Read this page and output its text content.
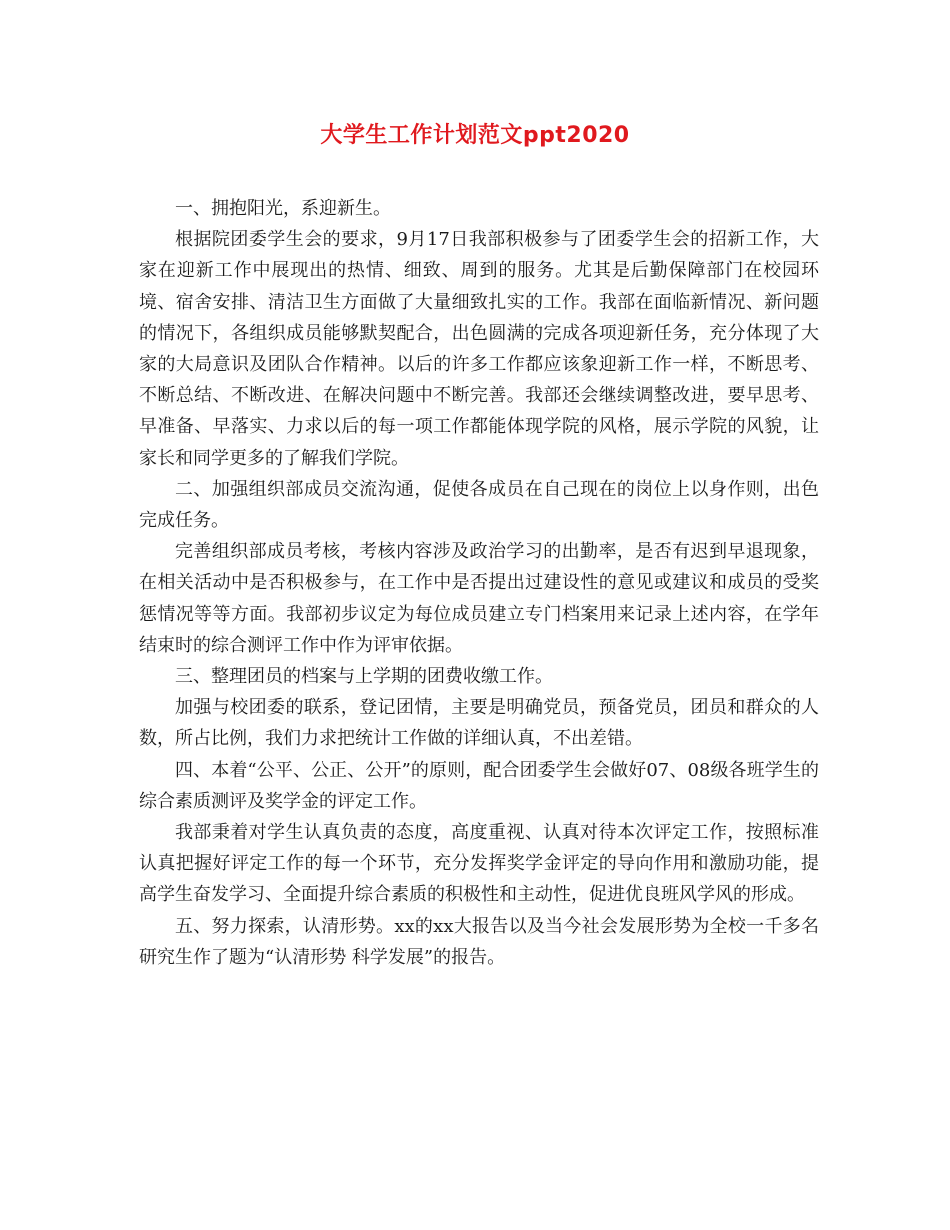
大学生工作计划范文ppt2020

一、拥抱阳光，系迎新生。

根据院团委学生会的要求，9月17日我部积极参与了团委学生会的招新工作，大家在迎新工作中展现出的热情、细致、周到的服务。尤其是后勤保障部门在校园环境、宿舍安排、清洁卫生方面做了大量细致扎实的工作。我部在面临新情况、新问题的情况下，各组织成员能够默契配合，出色圆满的完成各项迎新任务，充分体现了大家的大局意识及团队合作精神。以后的许多工作都应该象迎新工作一样，不断思考、不断总结、不断改进、在解决问题中不断完善。我部还会继续调整改进，要早思考、早准备、早落实、力求以后的每一项工作都能体现学院的风格，展示学院的风貌，让家长和同学更多的了解我们学院。

二、加强组织部成员交流沟通，促使各成员在自己现在的岗位上以身作则，出色完成任务。

完善组织部成员考核，考核内容涉及政治学习的出勤率，是否有迟到早退现象，在相关活动中是否积极参与，在工作中是否提出过建设性的意见或建议和成员的受奖惩情况等等方面。我部初步议定为每位成员建立专门档案用来记录上述内容，在学年结束时的综合测评工作中作为评审依据。

三、整理团员的档案与上学期的团费收缴工作。

加强与校团委的联系，登记团情，主要是明确党员，预备党员，团员和群众的人数，所占比例，我们力求把统计工作做的详细认真，不出差错。

四、本着“公平、公正、公开”的原则，配合团委学生会做好07、08级各班学生的综合素质测评及奖学金的评定工作。

我部秉着对学生认真负责的态度，高度重视、认真对待本次评定工作，按照标准认真把握好评定工作的每一个环节，充分发挥奖学金评定的导向作用和激励功能，提高学生奋发学习、全面提升综合素质的积极性和主动性，促进优良班风学风的形成。

五、努力探索，认清形势。xx的xx大报告以及当今社会发展形势为全校一千多名研究生作了题为“认清形势 科学发展”的报告。
